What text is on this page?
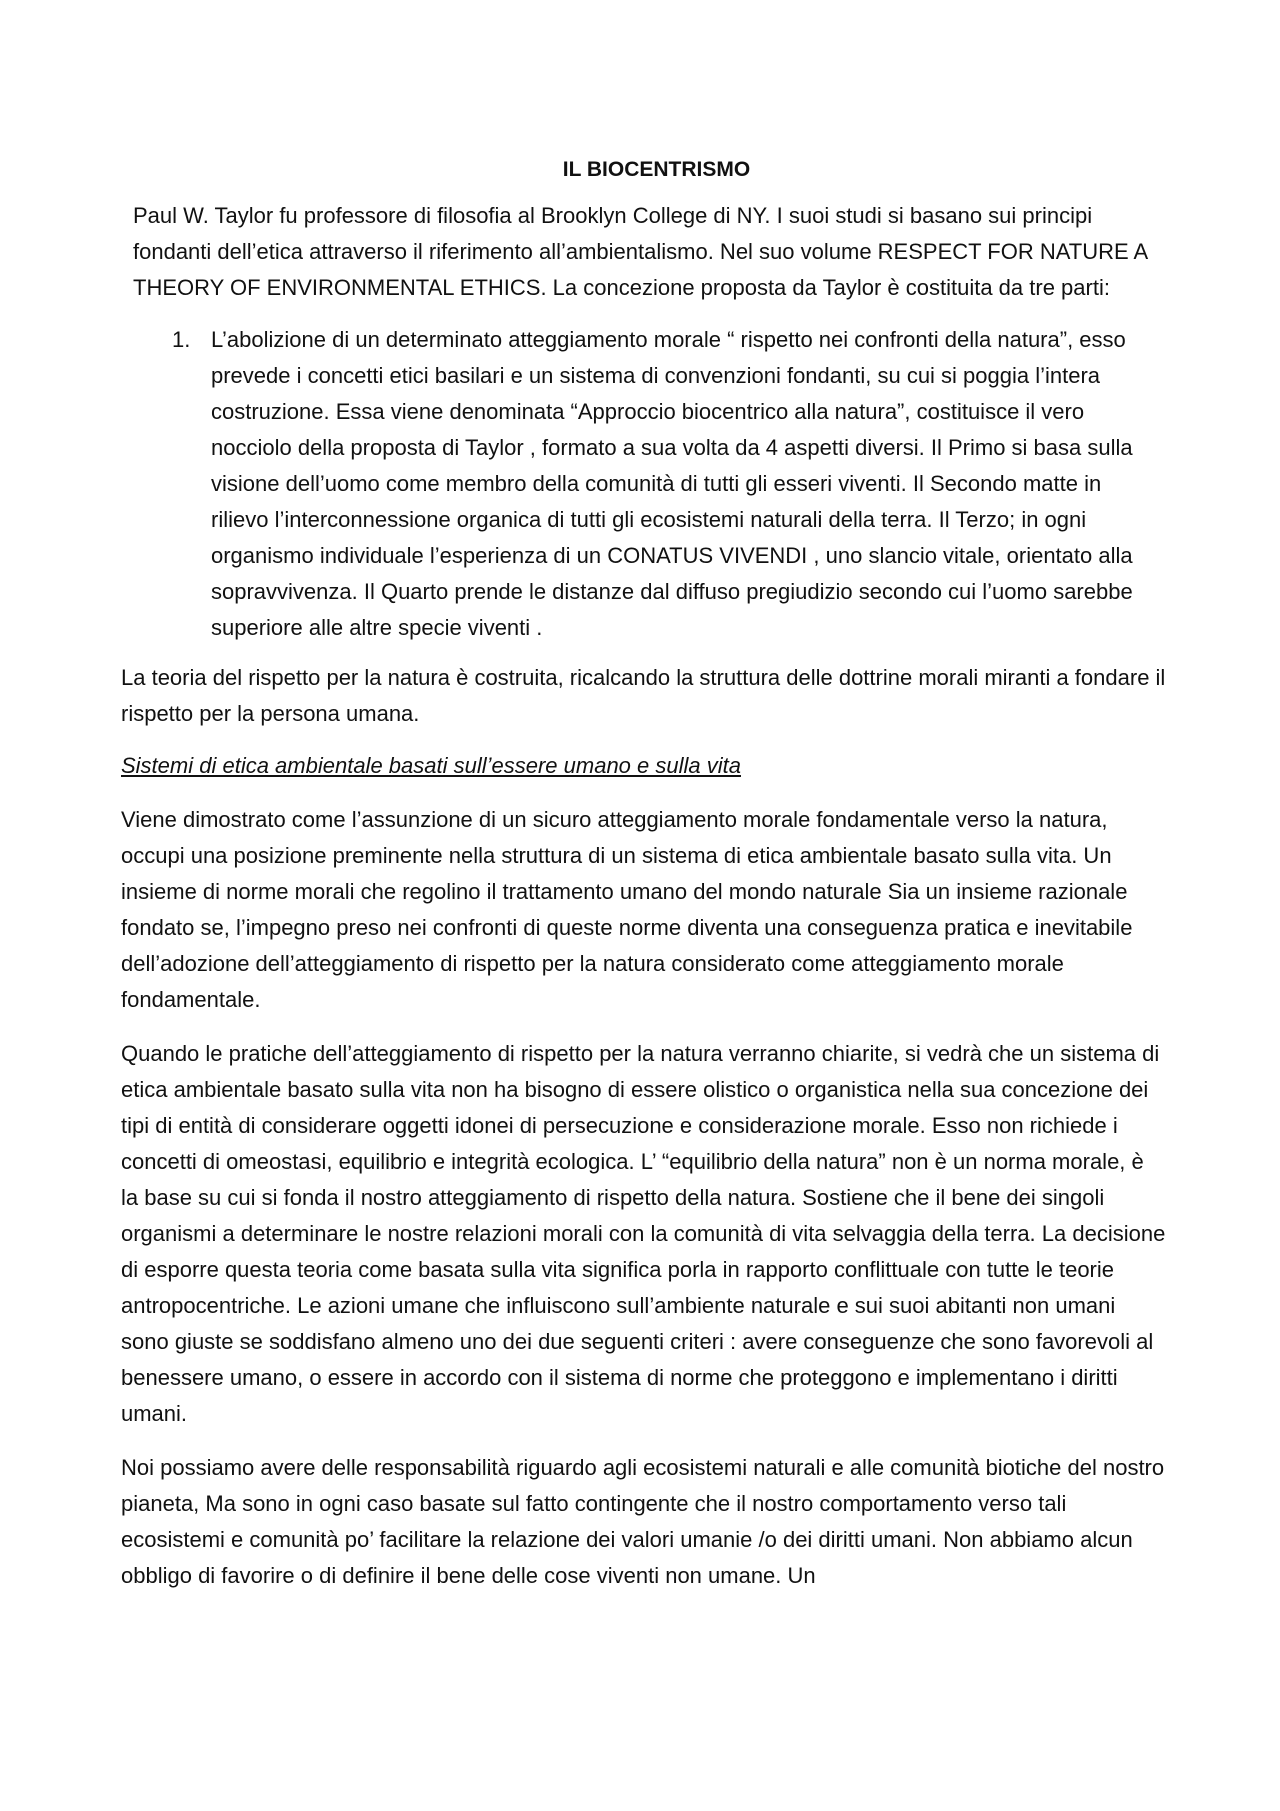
IL BIOCENTRISMO
Paul W. Taylor fu professore di filosofia al Brooklyn College di NY. I suoi studi si basano sui principi fondanti dell’etica attraverso il riferimento all’ambientalismo. Nel suo volume RESPECT FOR NATURE A THEORY OF ENVIRONMENTAL ETHICS. La concezione proposta da Taylor è costituita da tre parti:
1. L’abolizione di un determinato atteggiamento morale “ rispetto nei confronti della natura”, esso prevede i concetti etici basilari e un sistema di convenzioni fondanti, su cui si poggia l’intera costruzione. Essa viene denominata “Approccio biocentrico alla natura”, costituisce il vero nocciolo della proposta di Taylor , formato a sua volta da 4 aspetti diversi. Il Primo si basa sulla visione dell’uomo come membro della comunità di tutti gli esseri viventi. Il Secondo matte in rilievo l’interconnessione organica di tutti gli ecosistemi naturali della terra. Il Terzo; in ogni organismo individuale l’esperienza di un CONATUS VIVENDI , uno slancio vitale, orientato alla sopravvivenza. Il Quarto prende le distanze dal diffuso pregiudizio secondo cui l’uomo sarebbe superiore alle altre specie viventi .
La teoria del rispetto per la natura è costruita, ricalcando la struttura delle dottrine morali miranti a fondare il rispetto per la persona umana.
Sistemi di etica ambientale basati sull’essere umano e sulla vita
Viene dimostrato come l’assunzione di un sicuro atteggiamento morale fondamentale verso la natura, occupi una posizione preminente nella struttura di un sistema di etica ambientale basato sulla vita. Un insieme di norme morali che regolino il trattamento umano del mondo naturale Sia un insieme razionale fondato se, l’impegno preso nei confronti di queste norme diventa una conseguenza pratica e inevitabile dell’adozione dell’atteggiamento di rispetto per la natura considerato come atteggiamento morale fondamentale.
Quando le pratiche dell’atteggiamento di rispetto per la natura verranno chiarite, si vedrà che un sistema di etica ambientale basato sulla vita non ha bisogno di essere olistico o organistica nella sua concezione dei tipi di entità di considerare oggetti idonei di persecuzione e considerazione morale. Esso non richiede i concetti di omeostasi, equilibrio e integrità ecologica. L’ “equilibrio della natura” non è un norma morale, è la base su cui si fonda il nostro atteggiamento di rispetto della natura. Sostiene che il bene dei singoli organismi a determinare le nostre relazioni morali con la comunità di vita selvaggia della terra. La decisione di esporre questa teoria come basata sulla vita significa porla in rapporto conflittuale con tutte le teorie antropocentriche. Le azioni umane che influiscono sull’ambiente naturale e sui suoi abitanti non umani sono giuste se soddisfano almeno uno dei due seguenti criteri : avere conseguenze che sono favorevoli al benessere umano, o essere in accordo con il sistema di norme che proteggono e implementano i diritti umani.
Noi possiamo avere delle responsabilità riguardo agli ecosistemi naturali e alle comunità biotiche del nostro pianeta, Ma sono in ogni caso basate sul fatto contingente che il nostro comportamento verso tali ecosistemi e comunità po’ facilitare la relazione dei valori umanie /o dei diritti umani. Non abbiamo alcun obbligo di favorire o di definire il bene delle cose viventi non umane. Un
